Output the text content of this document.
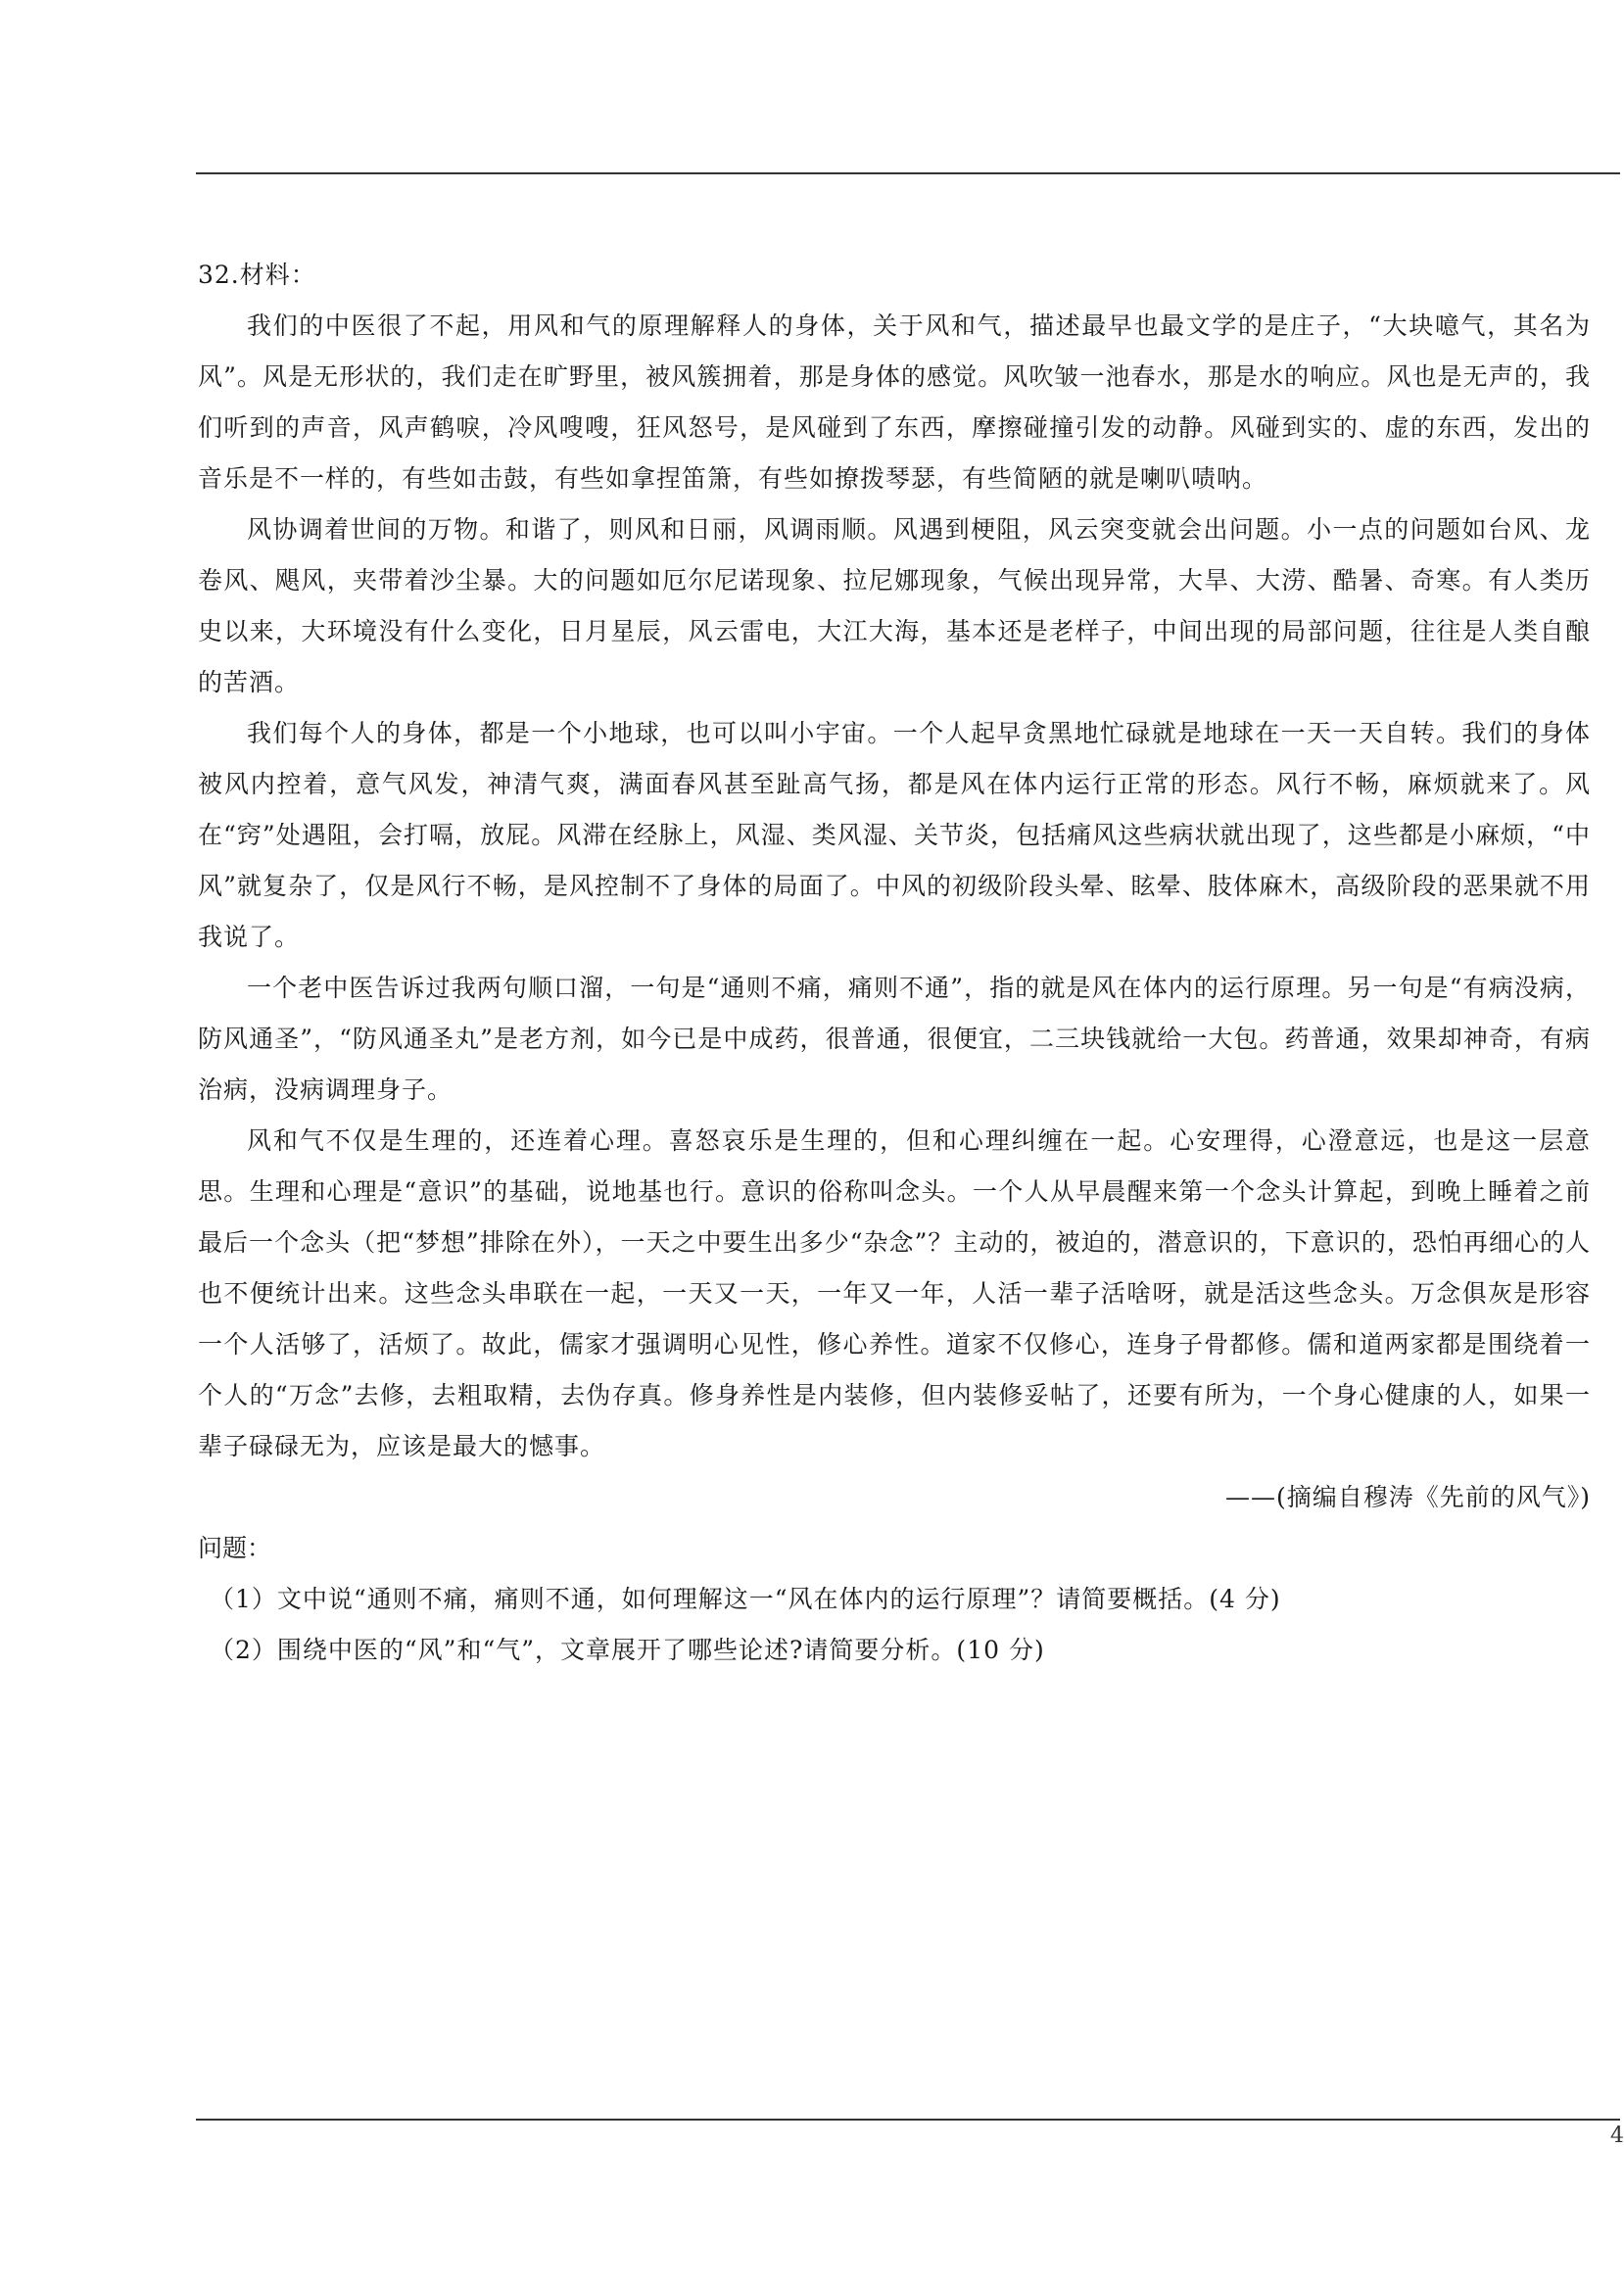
32.材料：

我们的中医很了不起，用风和气的原理解释人的身体，关于风和气，描述最早也最文学的是庄子，“大块噫气，其名为风”。风是无形状的，我们走在旷野里，被风簇拥着，那是身体的感觉。风吹皱一池春水，那是水的响应。风也是无声的，我们听到的声音，风声鹤唳，冷风嗖嗖，狂风怒号，是风碰到了东西，摩擦碰撞引发的动静。风碰到实的、虚的东西，发出的音乐是不一样的，有些如击鼓，有些如拿捏笛箫，有些如撩拨琴瑟，有些简陋的就是喇叭啧呐。

风协调着世间的万物。和谐了，则风和日丽，风调雨顺。风遇到梗阻，风云突变就会出问题。小一点的问题如台风、龙卷风、飓风，夹带着沙尘暴。大的问题如厄尔尼诺现象、拉尼娜现象，气候出现异常，大旱、大涝、酷暑、奇寒。有人类历史以来，大环境没有什么变化，日月星辰，风云雷电，大江大海，基本还是老样子，中间出现的局部问题，往往是人类自酿的苦酒。

我们每个人的身体，都是一个小地球，也可以叫小宇宙。一个人起早贪黑地忙碌就是地球在一天一天自转。我们的身体被风内控着，意气风发，神清气爽，满面春风甚至趾高气扬，都是风在体内运行正常的形态。风行不畅，麻烦就来了。风在“窍”处遇阻，会打嗝，放屁。风滞在经脉上，风湿、类风湿、关节炎，包括痛风这些病状就出现了，这些都是小麻烦，“中风”就复杂了，仅是风行不畅，是风控制不了身体的局面了。中风的初级阶段头晕、眩晕、肢体麻木，高级阶段的恶果就不用我说了。

一个老中医告诉过我两句顺口溜，一句是“通则不痛，痛则不通”，指的就是风在体内的运行原理。另一句是“有病没病，防风通圣”，“防风通圣丸”是老方剂，如今已是中成药，很普通，很便宜，二三块钱就给一大包。药普通，效果却神奇，有病治病，没病调理身子。

风和气不仅是生理的，还连着心理。喜怒哀乐是生理的，但和心理纠缠在一起。心安理得，心澄意远，也是这一层意思。生理和心理是“意识”的基础，说地基也行。意识的俗称叫念头。一个人从早晨醒来第一个念头计算起，到晚上睡着之前最后一个念头（把“梦想”排除在外），一天之中要生出多少“杂念”？主动的，被迫的，潜意识的，下意识的，恐怕再细心的人也不便统计出来。这些念头串联在一起，一天又一天，一年又一年，人活一辈子活啥呀，就是活这些念头。万念俱灰是形容一个人活够了，活烦了。故此，儒家才强调明心见性，修心养性。道家不仅修心，连身子骨都修。儒和道两家都是围绕着一个人的“万念”去修，去粗取精，去伪存真。修身养性是内装修，但内装修妥帖了，还要有所为，一个身心健康的人，如果一辈子碌碌无为，应该是最大的憾事。

——(摘编自穆涛《先前的风气》)

问题：

（1）文中说“通则不痛，痛则不通，如何理解这一“风在体内的运行原理”？请简要概括。(4 分)

（2）围绕中医的“风”和“气”，文章展开了哪些论述?请简要分析。(10 分)

4
